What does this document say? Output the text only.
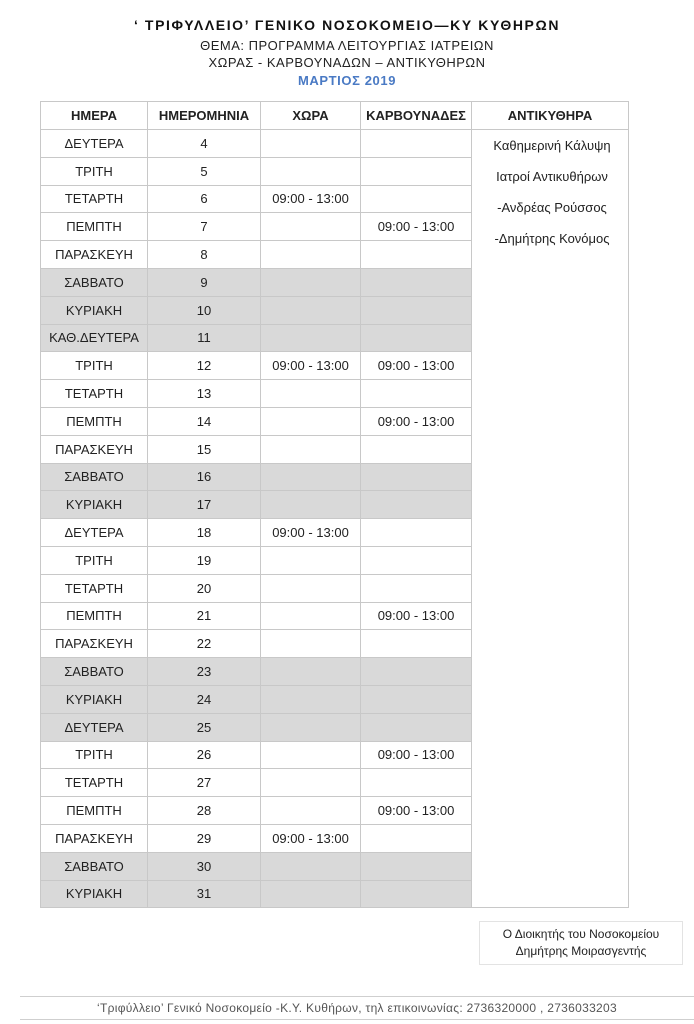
‘ ΤΡΙΦΥΛΛΕΙΟ’ ΓΕΝΙΚΟ ΝΟΣΟΚΟΜΕΙΟ—ΚΥ ΚΥΘΗΡΩΝ
ΘΕΜΑ: ΠΡΟΓΡΑΜΜΑ ΛΕΙΤΟΥΡΓΙΑΣ ΙΑΤΡΕΙΩΝ
ΧΩΡΑΣ - ΚΑΡΒΟΥΝΑΔΩΝ – ΑΝΤΙΚΥΘΗΡΩΝ
ΜΑΡΤΙΟΣ 2019
ΗΜΕΡΑ	ΗΜΕΡΟΜΗΝΙΑ	ΧΩΡΑ	ΚΑΡΒΟΥΝΑΔΕΣ	ΑΝΤΙΚΥΘΗΡΑ
ΔΕΥΤΕΡΑ	4			Καθημερινή Κάλυψη
Ιατροί Αντικυθήρων
-Ανδρέας Ρούσσος
-Δημήτρης Κονόμος

ΤΡΙΤΗ	5			
ΤΕΤΑΡΤΗ	6	09:00 - 13:00		
ΠΕΜΠΤΗ	7		09:00 - 13:00	
ΠΑΡΑΣΚΕΥΗ	8			
ΣΑΒΒΑΤΟ	9			
ΚΥΡΙΑΚΗ	10			
ΚΑΘ.ΔΕΥΤΕΡΑ	11			
ΤΡΙΤΗ	12	09:00 - 13:00	09:00 - 13:00	
ΤΕΤΑΡΤΗ	13			
ΠΕΜΠΤΗ	14		09:00 - 13:00	
ΠΑΡΑΣΚΕΥΗ	15			
ΣΑΒΒΑΤΟ	16			
ΚΥΡΙΑΚΗ	17			
ΔΕΥΤΕΡΑ	18	09:00 - 13:00		
ΤΡΙΤΗ	19			
ΤΕΤΑΡΤΗ	20			
ΠΕΜΠΤΗ	21		09:00 - 13:00	
ΠΑΡΑΣΚΕΥΗ	22			
ΣΑΒΒΑΤΟ	23			
ΚΥΡΙΑΚΗ	24			
ΔΕΥΤΕΡΑ	25			
ΤΡΙΤΗ	26		09:00 - 13:00	
ΤΕΤΑΡΤΗ	27			
ΠΕΜΠΤΗ	28		09:00 - 13:00	
ΠΑΡΑΣΚΕΥΗ	29	09:00 - 13:00		
ΣΑΒΒΑΤΟ	30			
ΚΥΡΙΑΚΗ	31			
Ο Διοικητής του Νοσοκομείου
Δημήτρης Μοιρασγεντής
‘Τριφύλλειο’ Γενικό Νοσοκομείο -Κ.Υ. Κυθήρων, τηλ επικοινωνίας: 2736320000 , 2736033203
